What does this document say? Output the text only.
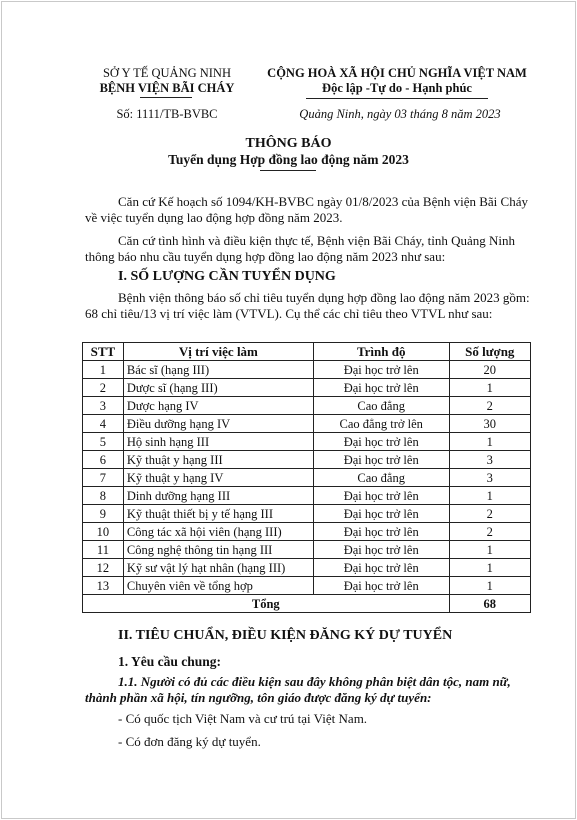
SỞ Y TẾ QUẢNG NINH
BỆNH VIỆN BÃI CHÁY
Số: 1111/TB-BVBC
CỘNG HOÀ XÃ HỘI CHỦ NGHĨA VIỆT NAM
Độc lập -Tự do - Hạnh phúc
Quảng Ninh, ngày 03 tháng 8 năm 2023
THÔNG BÁO
Tuyển dụng Hợp đồng lao động năm 2023
Căn cứ Kế hoạch số 1094/KH-BVBC ngày 01/8/2023 của Bệnh viện Bãi Cháy về việc tuyển dụng lao động hợp đồng năm 2023.
Căn cứ tình hình và điều kiện thực tế, Bệnh viện Bãi Cháy, tỉnh Quảng Ninh thông báo nhu cầu tuyển dụng hợp đồng lao động năm 2023 như sau:
I. SỐ LƯỢNG CẦN TUYỂN DỤNG
Bệnh viện thông báo số chỉ tiêu tuyển dụng hợp đồng lao động năm 2023 gồm: 68 chỉ tiêu/13 vị trí việc làm (VTVL). Cụ thể các chỉ tiêu theo VTVL như sau:
STT	Vị trí việc làm	Trình độ	Số lượng
1	Bác sĩ (hạng III)	Đại học trở lên	20
2	Dược sĩ (hạng III)	Đại học trở lên	1
3	Dược hạng IV	Cao đẳng	2
4	Điều dưỡng hạng IV	Cao đẳng trở lên	30
5	Hộ sinh hạng III	Đại học trở lên	1
6	Kỹ thuật y hạng III	Đại học trở lên	3
7	Kỹ thuật y hạng IV	Cao đẳng	3
8	Dinh dưỡng hạng III	Đại học trở lên	1
9	Kỹ thuật thiết bị y tế hạng III	Đại học trở lên	2
10	Công tác xã hội viên (hạng III)	Đại học trở lên	2
11	Công nghệ thông tin hạng III	Đại học trở lên	1
12	Kỹ sư vật lý hạt nhân (hạng III)	Đại học trở lên	1
13	Chuyên viên về tổng hợp	Đại học trở lên	1
Tổng			68
II. TIÊU CHUẨN, ĐIỀU KIỆN ĐĂNG KÝ DỰ TUYỂN
1. Yêu cầu chung:
1.1. Người có đủ các điều kiện sau đây không phân biệt dân tộc, nam nữ, thành phần xã hội, tín ngưỡng, tôn giáo được đăng ký dự tuyển:
- Có quốc tịch Việt Nam và cư trú tại Việt Nam.
- Có đơn đăng ký dự tuyển.
